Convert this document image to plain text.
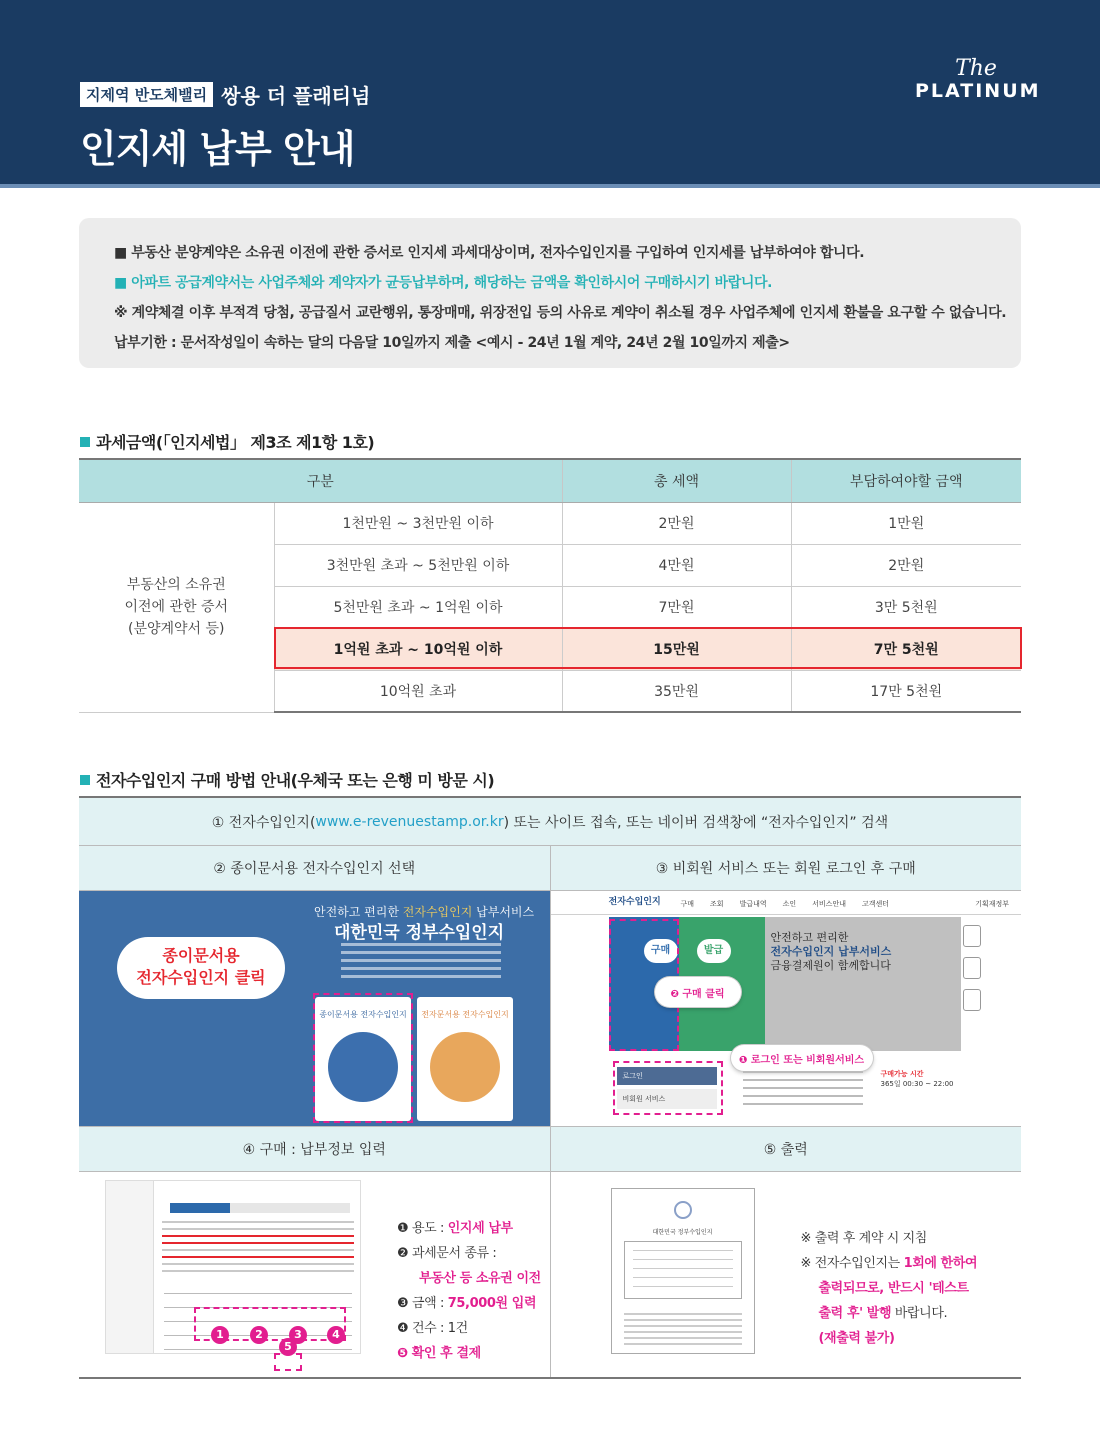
지제역 반도체밸리 쌍용 더 플래티넘
인지세 납부 안내
The
PLATINUM

■ 부동산 분양계약은 소유권 이전에 관한 증서로 인지세 과세대상이며, 전자수입인지를 구입하여 인지세를 납부하여야 합니다.

■ 아파트 공급계약서는 사업주체와 계약자가 균등납부하며, 해당하는 금액을 확인하시어 구매하시기 바랍니다.

※ 계약체결 이후 부적격 당첨, 공급질서 교란행위, 통장매매, 위장전입 등의 사유로 계약이 취소될 경우 사업주체에 인지세 환불을 요구할 수 없습니다.

납부기한 : 문서작성일이 속하는 달의 다음달 10일까지 제출 <예시 - 24년 1월 계약, 24년 2월 10일까지 제출>

과세금액(「인지세법」 제3조 제1항 1호)
구분		총 세액	부담하여야할 금액

부동산의 소유권
이전에 관한 증서
(분양계약서 등)	1천만원 ~ 3천만원 이하	2만원	1만원
	3천만원 초과 ~ 5천만원 이하	4만원	2만원
	5천만원 초과 ~ 1억원 이하	7만원	3만 5천원
	1억원 초과 ~ 10억원 이하	15만원	7만 5천원
	10억원 초과	35만원	17만 5천원
전자수입인지 구매 방법 안내(우체국 또는 은행 미 방문 시)
① 전자수입인지( www.e-revenuestamp.or.kr ) 또는 사이트 접속, 또는 네이버 검색창에 “전자수입인지” 검색
② 종이문서용 전자수입인지 선택	③ 비회원 서비스 또는 회원 로그인 후 구매
안전하고 편리한 전자수입인지 납부서비스
대한민국 정부수입인지
종이문서용
전자수입인지 클릭
종이문서용 전자수입인지	전자문서용 전자수입인지
전자수입인지	구매 조회 발급내역 소인 서비스안내 고객센터	기획재정부
구매	발급
안전하고 편리한
전자수입인지 납부서비스
금융결제원이 함께합니다
❷ 구매 클릭
로그인
비회원 서비스
❶ 로그인 또는 비회원서비스
구매가능 시간
365일 00:30 ~ 22:00
④ 구매 : 납부정보 입력	⑤ 출력
1	2	3	4
5
❶ 용도 : 인지세 납부
❷ 과세문서 종류 :
부동산 등 소유권 이전
❸ 금액 : 75,000원 입력
❹ 건수 : 1건
❺ 확인 후 결제
대한민국 정부수입인지	※ 출력 후 계약 시 지침
※ 전자수입인지는 1회에 한하여
출력되므로, 반드시 '테스트
출력 후' 발행 바랍니다.
(재출력 불가)
